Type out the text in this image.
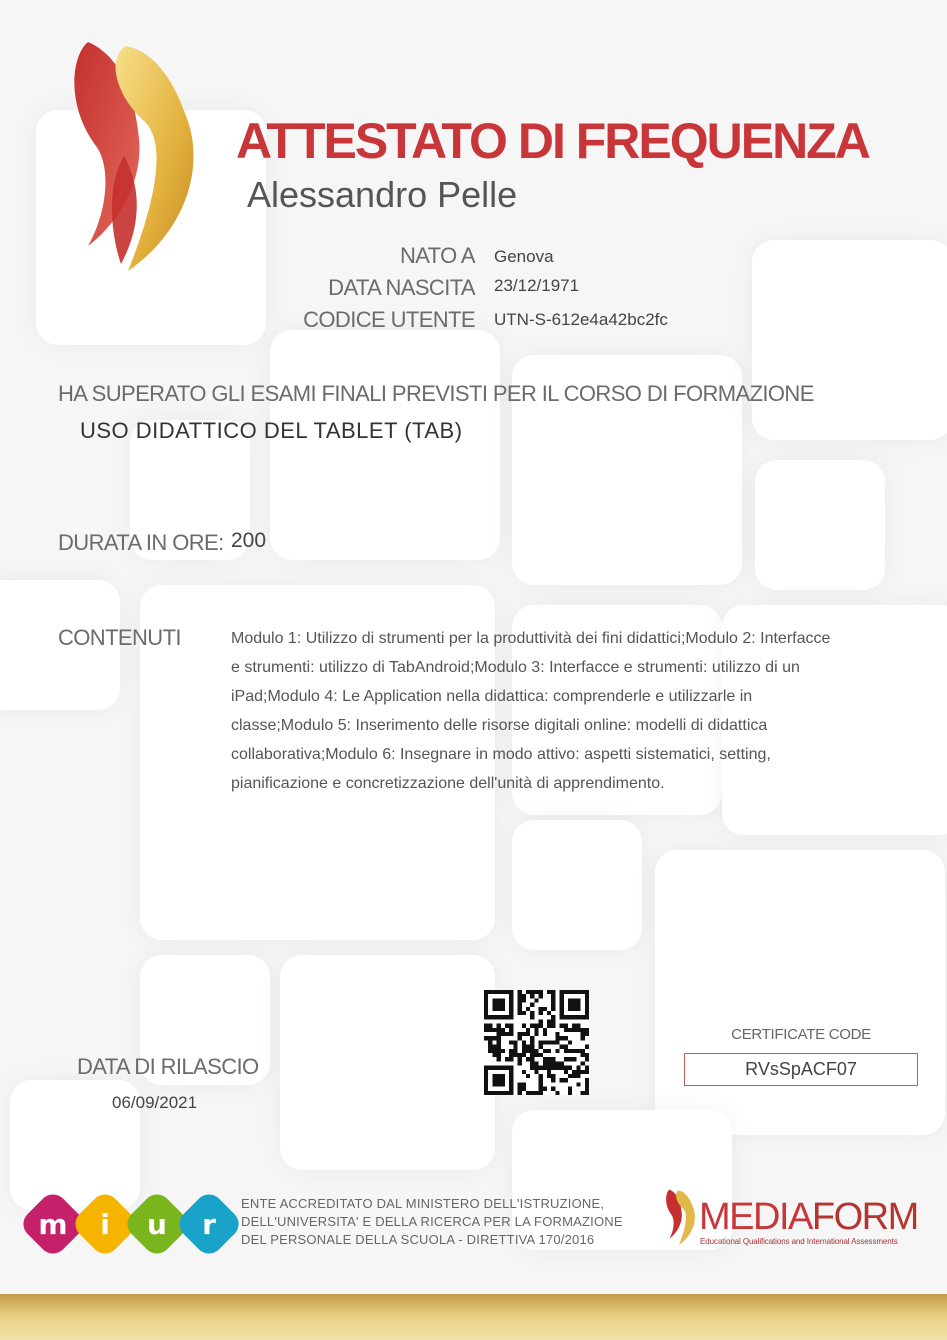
ATTESTATO DI FREQUENZA
Alessandro Pelle
NATO A Genova
DATA NASCITA 23/12/1971
CODICE UTENTE UTN-S-612e4a42bc2fc
HA SUPERATO GLI ESAMI FINALI PREVISTI PER IL CORSO DI FORMAZIONE
USO DIDATTICO DEL TABLET (TAB)
DURATA IN ORE: 200
CONTENUTI	Modulo 1: Utilizzo di strumenti per la produttività dei fini didattici;Modulo 2: Interfacce e strumenti: utilizzo di TabAndroid;Modulo 3: Interfacce e strumenti: utilizzo di un iPad;Modulo 4: Le Application nella didattica: comprenderle e utilizzarle in classe;Modulo 5: Inserimento delle risorse digitali online: modelli di didattica collaborativa;Modulo 6: Insegnare in modo attivo: aspetti sistematici, setting, pianificazione e concretizzazione dell'unità di apprendimento.
DATA DI RILASCIO
06/09/2021
CERTIFICATE CODE
RVsSpACF07
m	i	u	r
ENTE ACCREDITATO DAL MINISTERO DELL'ISTRUZIONE,
DELL'UNIVERSITA' E DELLA RICERCA PER LA FORMAZIONE
DEL PERSONALE DELLA SCUOLA - DIRETTIVA 170/2016
MEDIAFORM
Educational Qualifications and International Assessments
